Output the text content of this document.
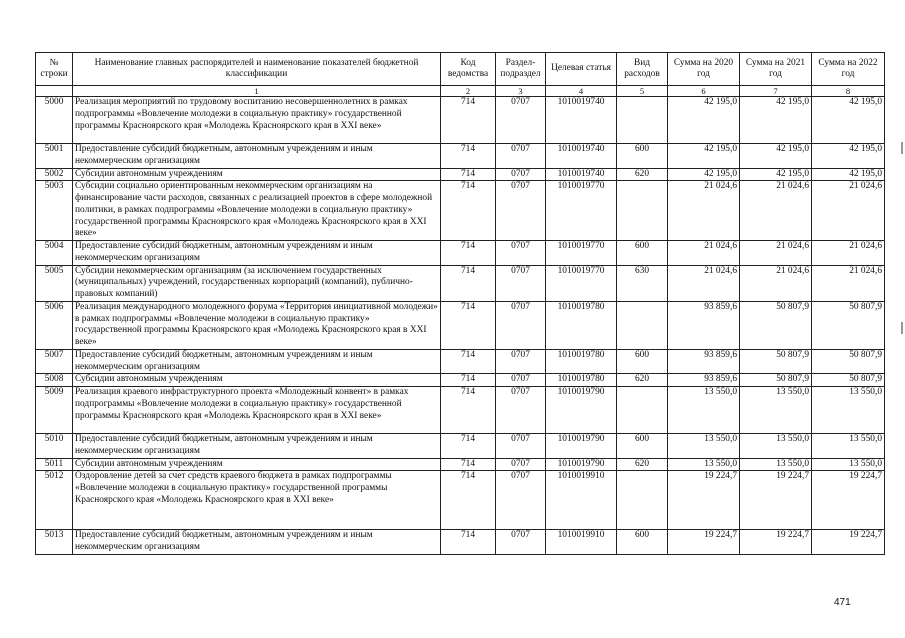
№ строки	Наименование главных распорядителей и наименование показателей бюджетной классификации	Код ведомства	Раздел-подраздел	Целевая статья	Вид расходов	Сумма на 2020 год	Сумма на 2021 год	Сумма на 2022 год
	1	2	3	4	5	6	7	8
5000	Реализация мероприятий по трудовому воспитанию несовершеннолетних в рамках подпрограммы «Вовлечение молодежи в социальную практику» государственной программы Красноярского края «Молодежь Красноярского края в XXI веке»	714	0707	1010019740		42 195,0	42 195,0	42 195,0
5001	Предоставление субсидий бюджетным, автономным учреждениям и иным некоммерческим организациям	714	0707	1010019740	600	42 195,0	42 195,0	42 195,0
5002	Субсидии автономным учреждениям	714	0707	1010019740	620	42 195,0	42 195,0	42 195,0
5003	Субсидии социально ориентированным некоммерческим организациям на финансирование части расходов, связанных с реализацией проектов в сфере молодежной политики, в рамках подпрограммы «Вовлечение молодежи в социальную практику» государственной программы Красноярского края «Молодежь Красноярского края в XXI веке»	714	0707	1010019770		21 024,6	21 024,6	21 024,6
5004	Предоставление субсидий бюджетным, автономным учреждениям и иным некоммерческим организациям	714	0707	1010019770	600	21 024,6	21 024,6	21 024,6
5005	Субсидии некоммерческим организациям (за исключением государственных (муниципальных) учреждений, государственных корпораций (компаний), публично-правовых компаний)	714	0707	1010019770	630	21 024,6	21 024,6	21 024,6
5006	Реализация международного молодежного форума «Территория инициативной молодежи» в рамках подпрограммы «Вовлечение молодежи в социальную практику» государственной программы Красноярского края «Молодежь Красноярского края в XXI веке»	714	0707	1010019780		93 859,6	50 807,9	50 807,9
5007	Предоставление субсидий бюджетным, автономным учреждениям и иным некоммерческим организациям	714	0707	1010019780	600	93 859,6	50 807,9	50 807,9
5008	Субсидии автономным учреждениям	714	0707	1010019780	620	93 859,6	50 807,9	50 807,9
5009	Реализация краевого инфраструктурного проекта «Молодежный конвент» в рамках подпрограммы «Вовлечение молодежи в социальную практику» государственной программы Красноярского края «Молодежь Красноярского края в XXI веке»	714	0707	1010019790		13 550,0	13 550,0	13 550,0
5010	Предоставление субсидий бюджетным, автономным учреждениям и иным некоммерческим организациям	714	0707	1010019790	600	13 550,0	13 550,0	13 550,0
5011	Субсидии автономным учреждениям	714	0707	1010019790	620	13 550,0	13 550,0	13 550,0
5012	Оздоровление детей за счет средств краевого бюджета в рамках подпрограммы «Вовлечение молодежи в социальную практику» государственной программы Красноярского края «Молодежь Красноярского края в XXI веке»	714	0707	1010019910		19 224,7	19 224,7	19 224,7
5013	Предоставление субсидий бюджетным, автономным учреждениям и иным некоммерческим организациям	714	0707	1010019910	600	19 224,7	19 224,7	19 224,7
471
